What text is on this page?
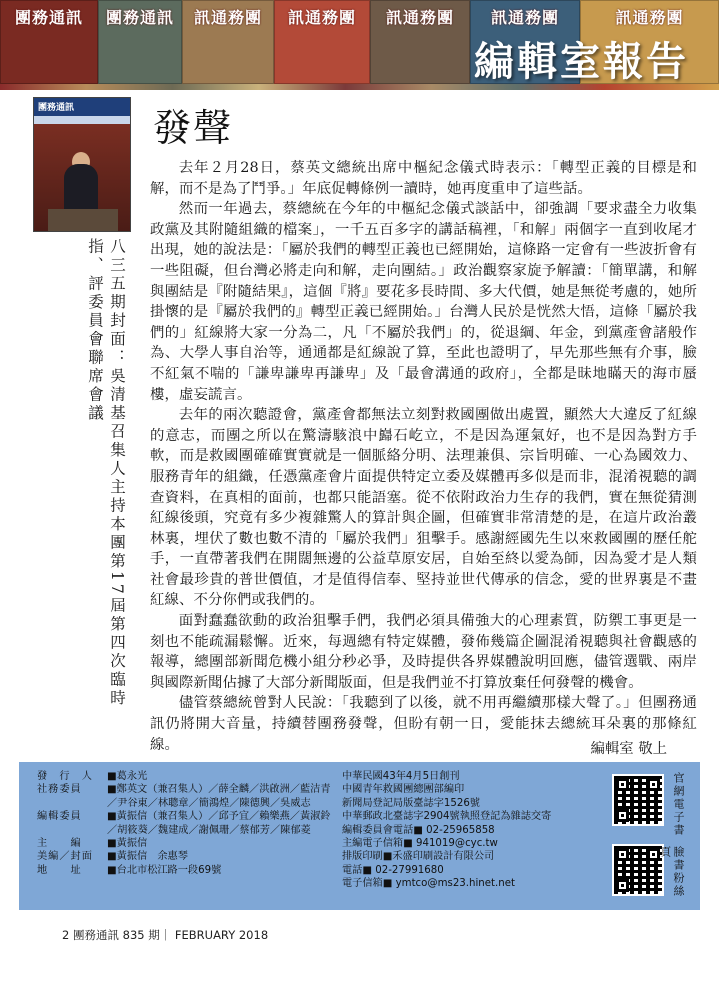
團務通訊	團務通訊	訊通務團	訊通務團	訊通務團	訊通務團	訊通務團
編輯室報告
團務通訊
八三五期封面：吳清基召集人主持本團第17屆第四次臨時指、評委員會聯席會議
發聲

去年２月28日，蔡英文總統出席中樞紀念儀式時表示：「轉型正義的目標是和解，而不是為了鬥爭。」年底促轉條例一讀時，她再度重申了這些話。

然而一年過去，蔡總統在今年的中樞紀念儀式談話中，卻強調「要求盡全力收集政黨及其附隨組織的檔案」，一千五百多字的講話稿裡，「和解」兩個字一直到收尾才出現，她的說法是：「屬於我們的轉型正義也已經開始，這條路一定會有一些波折會有一些阻礙，但台灣必將走向和解，走向團結。」政治觀察家旋予解讀：「簡單講，和解與團結是『附隨結果』，這個『將』要花多長時間、多大代價，她是無從考慮的，她所掛懷的是『屬於我們的』轉型正義已經開始。」台灣人民於是恍然大悟，這條「屬於我們的」紅線將大家一分為二，凡「不屬於我們」的，從退綱、年金，到黨產會諸般作為、大學人事自治等，通通都是紅線說了算，至此也證明了，早先那些無有介事，臉不紅氣不喘的「謙卑謙卑再謙卑」及「最會溝通的政府」，全都是昧地瞞天的海市蜃樓，虛妄謊言。

去年的兩次聽證會，黨產會都無法立刻對救國團做出處置，顯然大大違反了紅線的意志，而團之所以在驚濤駭浪中巋石屹立，不是因為運氣好，也不是因為對方手軟，而是救國團確確實實就是一個脈絡分明、法理兼俱、宗旨明確、一心為國效力、服務青年的組織，任憑黨產會片面提供特定立委及媒體再多似是而非，混淆視聽的調查資料，在真相的面前，也都只能語塞。從不依附政治力生存的我們，實在無從猜測紅線後頭，究竟有多少複雜驚人的算計與企圖，但確實非常清楚的是，在這片政治叢林裏，埋伏了數也數不清的「屬於我們」狙擊手。感謝經國先生以來救國團的歷任舵手，一直帶著我們在開闊無邊的公益草原安居，自始至終以愛為師，因為愛才是人類社會最珍貴的普世價值，才是值得信奉、堅持並世代傳承的信念，愛的世界裏是不畫紅線、不分你們或我們的。

面對蠢蠢欲動的政治狙擊手們，我們必須具備強大的心理素質，防禦工事更是一刻也不能疏漏鬆懈。近來，每週總有特定媒體，發佈幾篇企圖混淆視聽與社會觀感的報導，總團部新聞危機小組分秒必爭，及時提供各界媒體說明回應，儘管選戰、兩岸與國際新聞佔據了大部分新聞版面，但是我們並不打算放棄任何發聲的機會。

儘管蔡總統曾對人民說：「我聽到了以後，就不用再繼續那樣大聲了。」但團務通訊仍將開大音量，持續替團務發聲，但盼有朝一日，愛能抹去總統耳朵裏的那條紅線。	編輯室 敬上
發　行　人	■葛永光
社務委員	■鄭英文（兼召集人）／薛全麟／洪啟洲／藍洁青
／尹谷東／林聰章／簡鴻煌／陳德興／吳威志
編輯委員	■黃振信（兼召集人）／邱予宜／賴樂燕／黃淑鈴
／胡筱葵／魏建成／謝佩珊／蔡郁芳／陳郁菱
主　　編	■黃振信
美編／封面	■黃振信　余惠琴
地　　址	■台北市松江路一段69號
中華民國43年4月5日創刊
中國青年救國團總團部編印
新聞局登記局版臺誌字1526號
中華郵政北臺誌字2904號執照登記為雜誌交寄
編輯委員會電話■ 02-25965858
主編電子信箱■ 941019@cyc.tw
排版印刷■禾盛印刷設計有限公司
電話■ 02-27991680
電子信箱■ ymtco@ms23.hinet.net
官網電子書
臉書粉絲頁
2 團務通訊 835 期｜ FEBRUARY 2018
